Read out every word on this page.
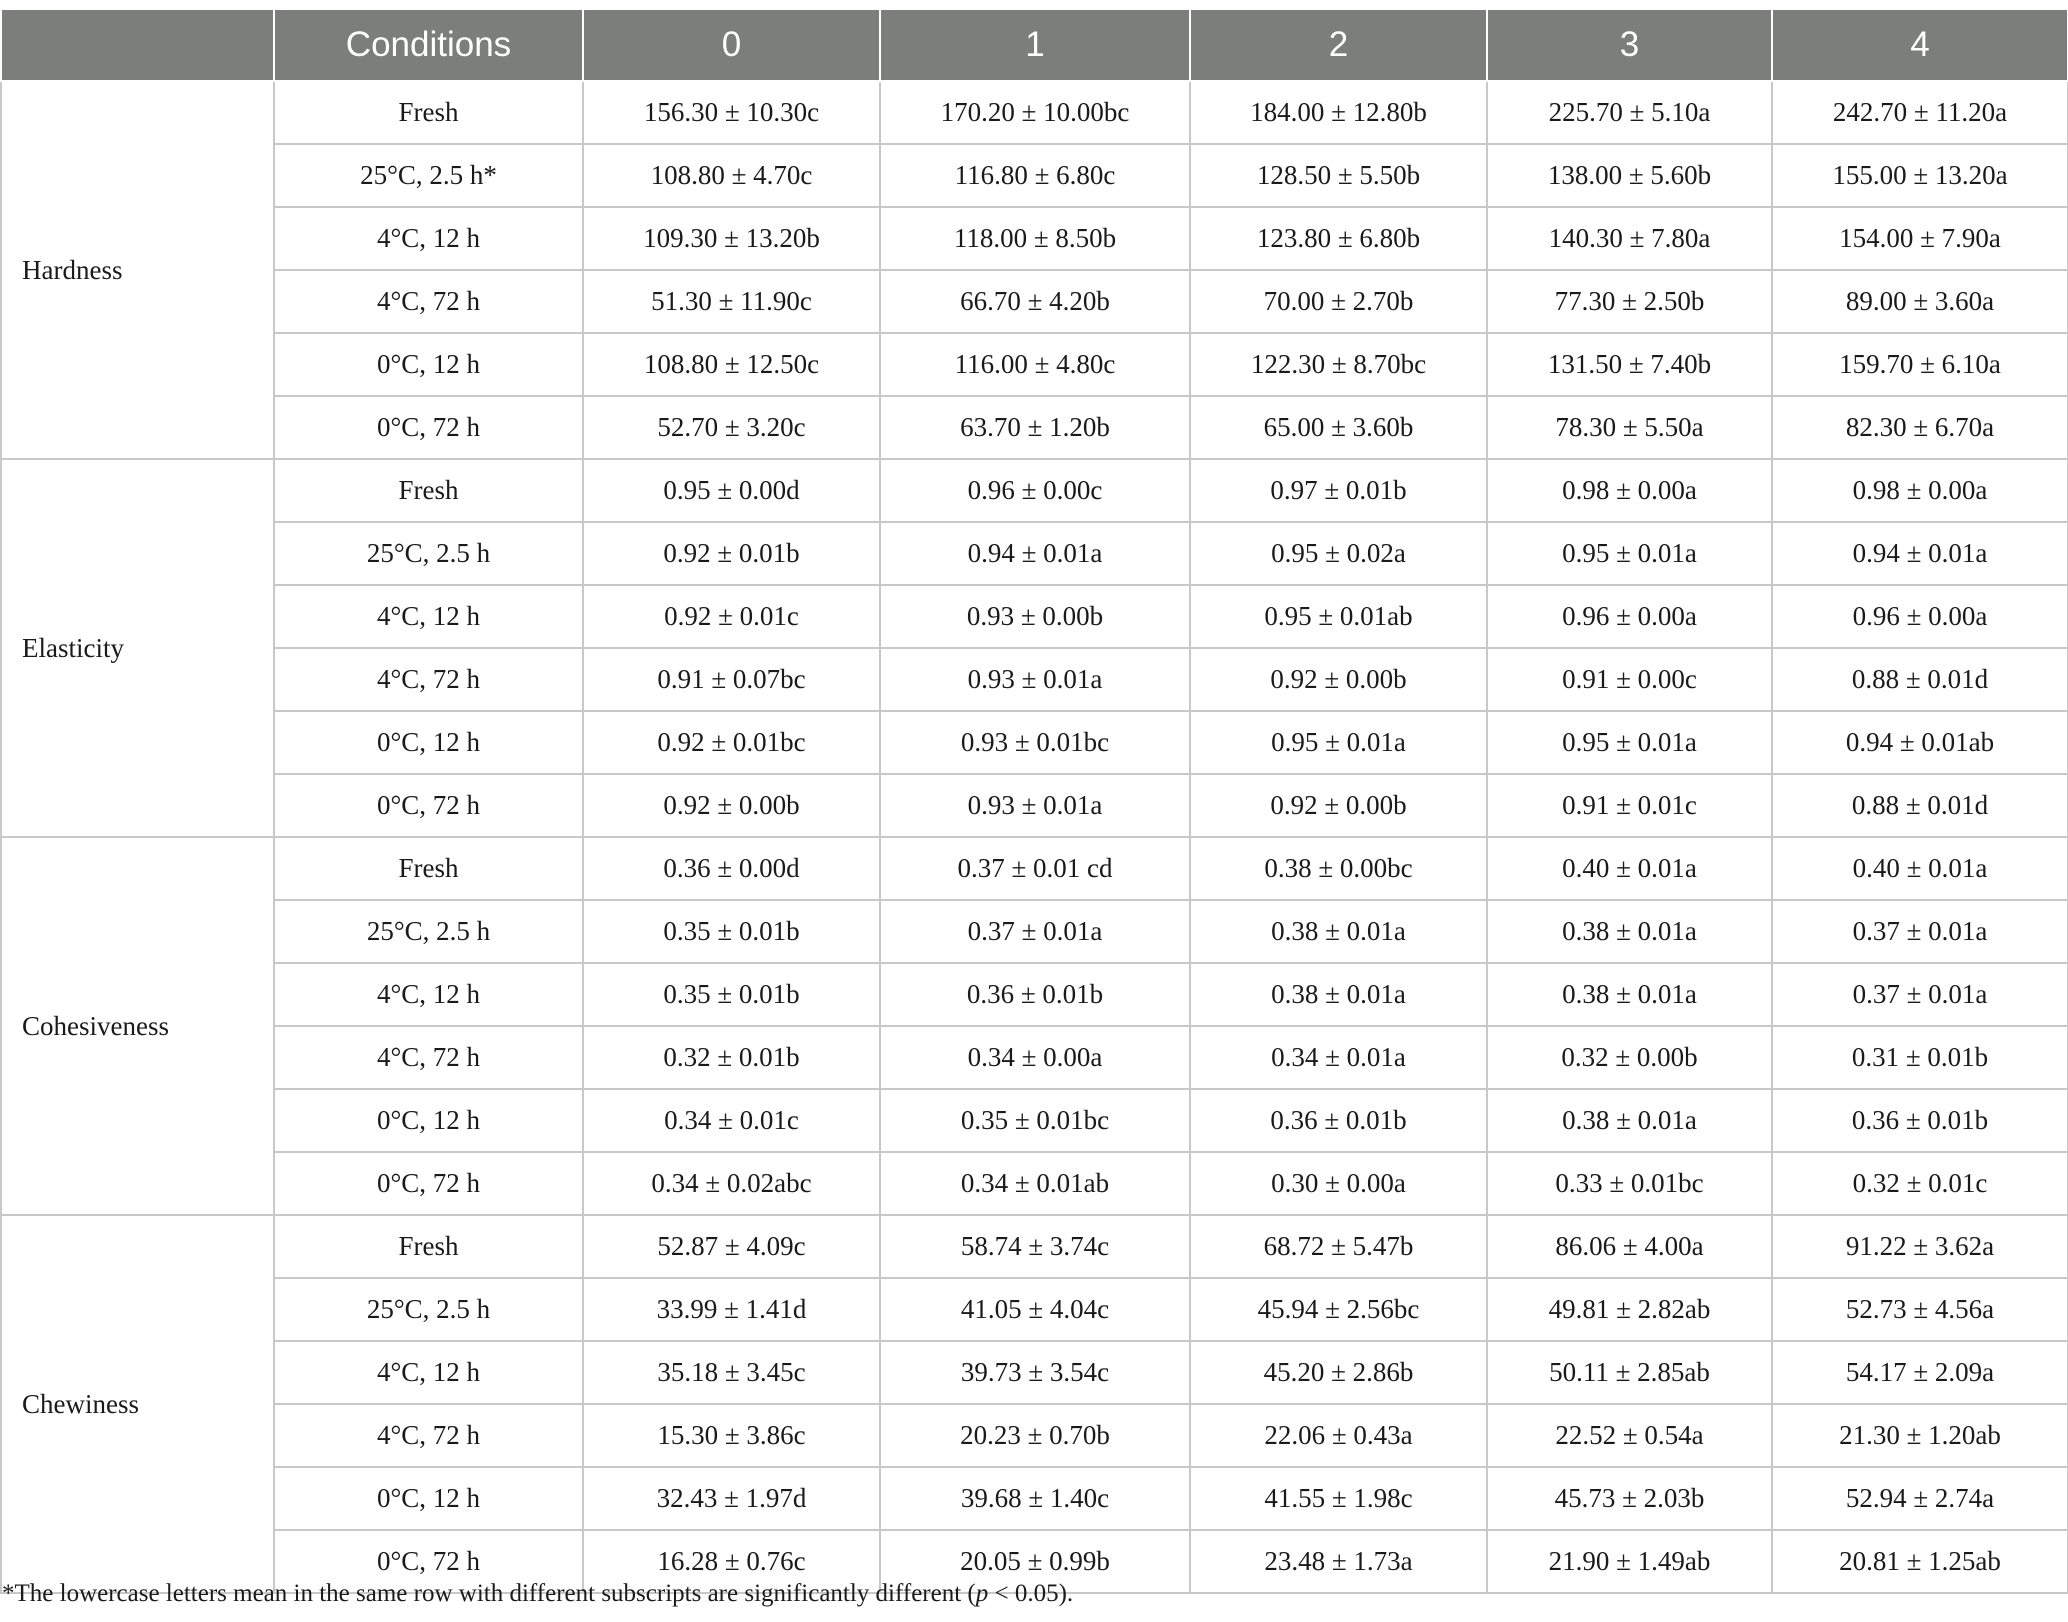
	Conditions	0	1	2	3	4
Hardness	Fresh	156.30 ± 10.30c	170.20 ± 10.00bc	184.00 ± 12.80b	225.70 ± 5.10a	242.70 ± 11.20a
	25°C, 2.5 h*	108.80 ± 4.70c	116.80 ± 6.80c	128.50 ± 5.50b	138.00 ± 5.60b	155.00 ± 13.20a
	4°C, 12 h	109.30 ± 13.20b	118.00 ± 8.50b	123.80 ± 6.80b	140.30 ± 7.80a	154.00 ± 7.90a
	4°C, 72 h	51.30 ± 11.90c	66.70 ± 4.20b	70.00 ± 2.70b	77.30 ± 2.50b	89.00 ± 3.60a
	0°C, 12 h	108.80 ± 12.50c	116.00 ± 4.80c	122.30 ± 8.70bc	131.50 ± 7.40b	159.70 ± 6.10a
	0°C, 72 h	52.70 ± 3.20c	63.70 ± 1.20b	65.00 ± 3.60b	78.30 ± 5.50a	82.30 ± 6.70a
Elasticity	Fresh	0.95 ± 0.00d	0.96 ± 0.00c	0.97 ± 0.01b	0.98 ± 0.00a	0.98 ± 0.00a
	25°C, 2.5 h	0.92 ± 0.01b	0.94 ± 0.01a	0.95 ± 0.02a	0.95 ± 0.01a	0.94 ± 0.01a
	4°C, 12 h	0.92 ± 0.01c	0.93 ± 0.00b	0.95 ± 0.01ab	0.96 ± 0.00a	0.96 ± 0.00a
	4°C, 72 h	0.91 ± 0.07bc	0.93 ± 0.01a	0.92 ± 0.00b	0.91 ± 0.00c	0.88 ± 0.01d
	0°C, 12 h	0.92 ± 0.01bc	0.93 ± 0.01bc	0.95 ± 0.01a	0.95 ± 0.01a	0.94 ± 0.01ab
	0°C, 72 h	0.92 ± 0.00b	0.93 ± 0.01a	0.92 ± 0.00b	0.91 ± 0.01c	0.88 ± 0.01d
Cohesiveness	Fresh	0.36 ± 0.00d	0.37 ± 0.01 cd	0.38 ± 0.00bc	0.40 ± 0.01a	0.40 ± 0.01a
	25°C, 2.5 h	0.35 ± 0.01b	0.37 ± 0.01a	0.38 ± 0.01a	0.38 ± 0.01a	0.37 ± 0.01a
	4°C, 12 h	0.35 ± 0.01b	0.36 ± 0.01b	0.38 ± 0.01a	0.38 ± 0.01a	0.37 ± 0.01a
	4°C, 72 h	0.32 ± 0.01b	0.34 ± 0.00a	0.34 ± 0.01a	0.32 ± 0.00b	0.31 ± 0.01b
	0°C, 12 h	0.34 ± 0.01c	0.35 ± 0.01bc	0.36 ± 0.01b	0.38 ± 0.01a	0.36 ± 0.01b
	0°C, 72 h	0.34 ± 0.02abc	0.34 ± 0.01ab	0.30 ± 0.00a	0.33 ± 0.01bc	0.32 ± 0.01c
Chewiness	Fresh	52.87 ± 4.09c	58.74 ± 3.74c	68.72 ± 5.47b	86.06 ± 4.00a	91.22 ± 3.62a
	25°C, 2.5 h	33.99 ± 1.41d	41.05 ± 4.04c	45.94 ± 2.56bc	49.81 ± 2.82ab	52.73 ± 4.56a
	4°C, 12 h	35.18 ± 3.45c	39.73 ± 3.54c	45.20 ± 2.86b	50.11 ± 2.85ab	54.17 ± 2.09a
	4°C, 72 h	15.30 ± 3.86c	20.23 ± 0.70b	22.06 ± 0.43a	22.52 ± 0.54a	21.30 ± 1.20ab
	0°C, 12 h	32.43 ± 1.97d	39.68 ± 1.40c	41.55 ± 1.98c	45.73 ± 2.03b	52.94 ± 2.74a
	0°C, 72 h	16.28 ± 0.76c	20.05 ± 0.99b	23.48 ± 1.73a	21.90 ± 1.49ab	20.81 ± 1.25ab
*The lowercase letters mean in the same row with different subscripts are significantly different (p < 0.05).
